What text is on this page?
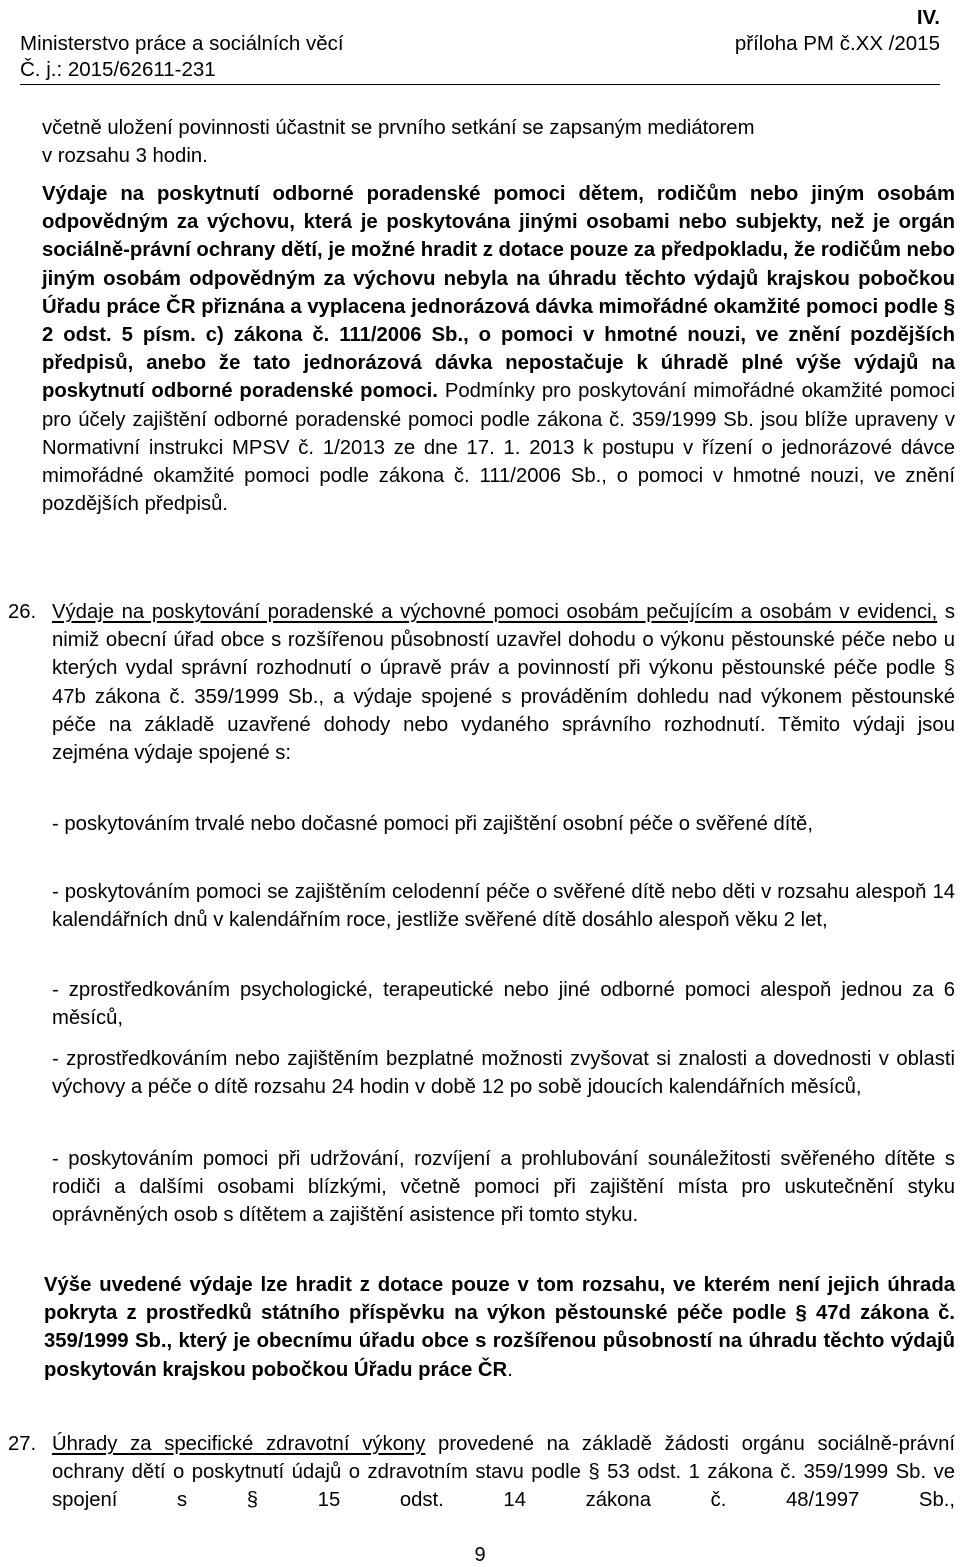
IV.
Ministerstvo práce a sociálních věcí	příloha PM č.XX /2015
Č. j.: 2015/62611-231
včetně uložení povinnosti účastnit se prvního setkání se zapsaným mediátorem
v rozsahu 3 hodin.
Výdaje na poskytnutí odborné poradenské pomoci dětem, rodičům nebo jiným osobám odpovědným za výchovu, která je poskytována jinými osobami nebo subjekty, než je orgán sociálně-právní ochrany dětí, je možné hradit z dotace pouze za předpokladu, že rodičům nebo jiným osobám odpovědným za výchovu nebyla na úhradu těchto výdajů krajskou pobočkou Úřadu práce ČR přiznána a vyplacena jednorázová dávka mimořádné okamžité pomoci podle § 2 odst. 5 písm. c) zákona č. 111/2006 Sb., o pomoci v hmotné nouzi, ve znění pozdějších předpisů, anebo že tato jednorázová dávka nepostačuje k úhradě plné výše výdajů na poskytnutí odborné poradenské pomoci. Podmínky pro poskytování mimořádné okamžité pomoci pro účely zajištění odborné poradenské pomoci podle zákona č. 359/1999 Sb. jsou blíže upraveny v Normativní instrukci MPSV č. 1/2013 ze dne 17. 1. 2013 k postupu v řízení o jednorázové dávce mimořádné okamžité pomoci podle zákona č. 111/2006 Sb., o pomoci v hmotné nouzi, ve znění pozdějších předpisů.
26. Výdaje na poskytování poradenské a výchovné pomoci osobám pečujícím a osobám v evidenci, s nimiž obecní úřad obce s rozšířenou působností uzavřel dohodu o výkonu pěstounské péče nebo u kterých vydal správní rozhodnutí o úpravě práv a povinností při výkonu pěstounské péče podle § 47b zákona č. 359/1999 Sb., a výdaje spojené s prováděním dohledu nad výkonem pěstounské péče na základě uzavřené dohody nebo vydaného správního rozhodnutí. Těmito výdaji jsou zejména výdaje spojené s:
- poskytováním trvalé nebo dočasné pomoci při zajištění osobní péče o svěřené dítě,
- poskytováním pomoci se zajištěním celodenní péče o svěřené dítě nebo děti v rozsahu alespoň 14 kalendářních dnů v kalendářním roce, jestliže svěřené dítě dosáhlo alespoň věku 2 let,
- zprostředkováním psychologické, terapeutické nebo jiné odborné pomoci alespoň jednou za 6 měsíců,
- zprostředkováním nebo zajištěním bezplatné možnosti zvyšovat si znalosti a dovednosti v oblasti výchovy a péče o dítě rozsahu 24 hodin v době 12 po sobě jdoucích kalendářních měsíců,
- poskytováním pomoci při udržování, rozvíjení a prohlubování sounáležitosti svěřeného dítěte s rodiči a dalšími osobami blízkými, včetně pomoci při zajištění místa pro uskutečnění styku oprávněných osob s dítětem a zajištění asistence při tomto styku.
Výše uvedené výdaje lze hradit z dotace pouze v tom rozsahu, ve kterém není jejich úhrada pokryta z prostředků státního příspěvku na výkon pěstounské péče podle § 47d zákona č. 359/1999 Sb., který je obecnímu úřadu obce s rozšířenou působností na úhradu těchto výdajů poskytován krajskou pobočkou Úřadu práce ČR.
27. Úhrady za specifické zdravotní výkony provedené na základě žádosti orgánu sociálně-právní ochrany dětí o poskytnutí údajů o zdravotním stavu podle § 53 odst. 1 zákona č. 359/1999 Sb. ve spojení s § 15 odst. 14 zákona č. 48/1997 Sb.,
9
